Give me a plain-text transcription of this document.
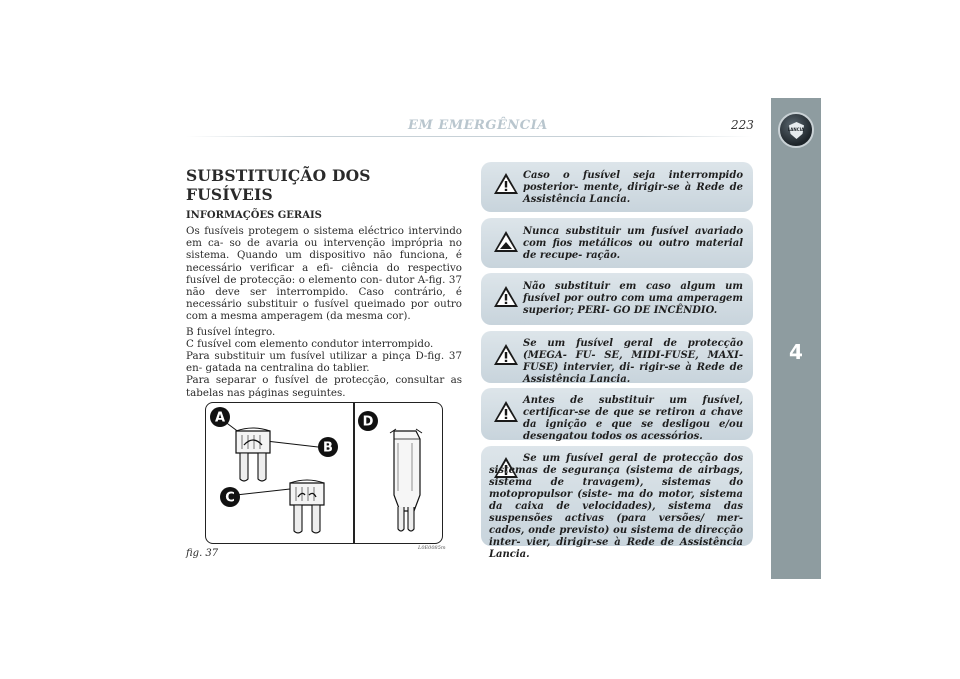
EM EMERGÊNCIA	223	LANCIA
4
SUBSTITUIÇÃO DOS FUSÍVEIS
INFORMAÇÕES GERAIS

Os fusíveis protegem o sistema eléctrico intervindo em ca- so de avaria ou intervenção imprópria no sistema. Quando um dispositivo não funciona, é necessário verificar a efi- ciência do respectivo fusível de protecção: o elemento con- dutor A-fig. 37 não deve ser interrompido. Caso contrário, é necessário substituir o fusível queimado por outro com a mesma amperagem (da mesma cor).

B fusível íntegro.

C fusível com elemento condutor interrompido.

Para substituir um fusível utilizar a pinça D-fig. 37 en- gatada na centralina do tablier.

Para separar o fusível de protecção, consultar as tabelas nas páginas seguintes.

A
B
C
D
fig. 37	L0E0085m
Caso o fusível seja interrompido posterior- mente, dirigir-se à Rede de Assistência Lancia.
Nunca substituir um fusível avariado com fios metálicos ou outro material de recupe- ração.
Não substituir em caso algum um fusível por outro com uma amperagem superior; PERI- GO DE INCÊNDIO.
Se um fusível geral de protecção (MEGA- FU- SE, MIDI-FUSE, MAXI-FUSE) intervier, di- rigir-se à Rede de Assistência Lancia.
Antes de substituir um fusível, certificar-se de que se retiron a chave da ignição e que se desligou e/ou desengatou todos os acessórios.
Se um fusível geral de protecção dos sistemas de segurança (sistema de airbags, sistema de travagem), sistemas do motopropulsor (siste- ma do motor, sistema da caixa de velocidades), sistema das suspensões activas (para versões/ mer- cados, onde previsto) ou sistema de direcção inter- vier, dirigir-se à Rede de Assistência Lancia.
